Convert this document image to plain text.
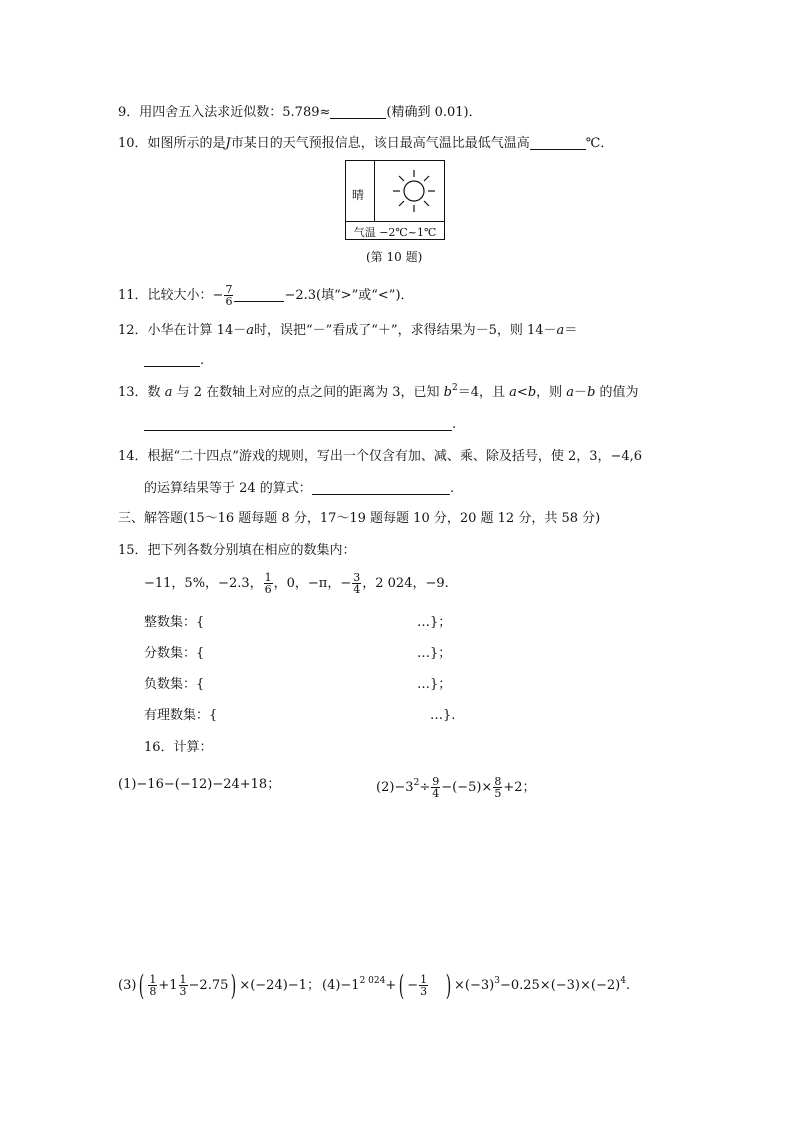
9．用四舍五入法求近似数：5.789≈	(精确到 0.01)．
10．如图所示的是J市某日的天气预报信息，该日最高气温比最低气温高	℃．
晴
气温 −2℃~1℃
(第 10 题)
11．比较大小：− $\frac{7}{6}$	−2.3(填“>”或“<”)．
12．小华在计算 14－a时，误把“－”看成了“＋”，求得结果为－5，则 14－a＝
.
13．数 a 与 2 在数轴上对应的点之间的距离为 3，已知 $b^2=4$，且 a<b，则 a－b 的值为
.
14．根据“二十四点”游戏的规则，写出一个仅含有加、减、乘、除及括号，使 2，3，−4,6
的运算结果等于 24 的算式：	.
三、解答题(15～16 题每题 8 分，17～19 题每题 10 分，20 题 12 分，共 58 分)
15．把下列各数分别填在相应的数集内：
−11，5%，−2.3， $\frac{1}{6}$ ，0，−π，− $\frac{3}{4}$ ，2 024，−9.
整数集：{	…}；
分数集：{	…}；
负数集：{	…}；
有理数集：{	…}.
16．计算：
(1)−16−(−12)−24+18；	$(2)-3^2\div \frac{9}{4} -(-5)\times \frac{8}{5} +2$；
$(3)( \frac{1}{8} +1 \frac{1}{3} -2.75) \times(-24)-1$； $(4)-1^{2 024}+( - \frac{1}{3}$ ) $\times(-3)^3-0.25\times(-3)\times(-2)^4$.
